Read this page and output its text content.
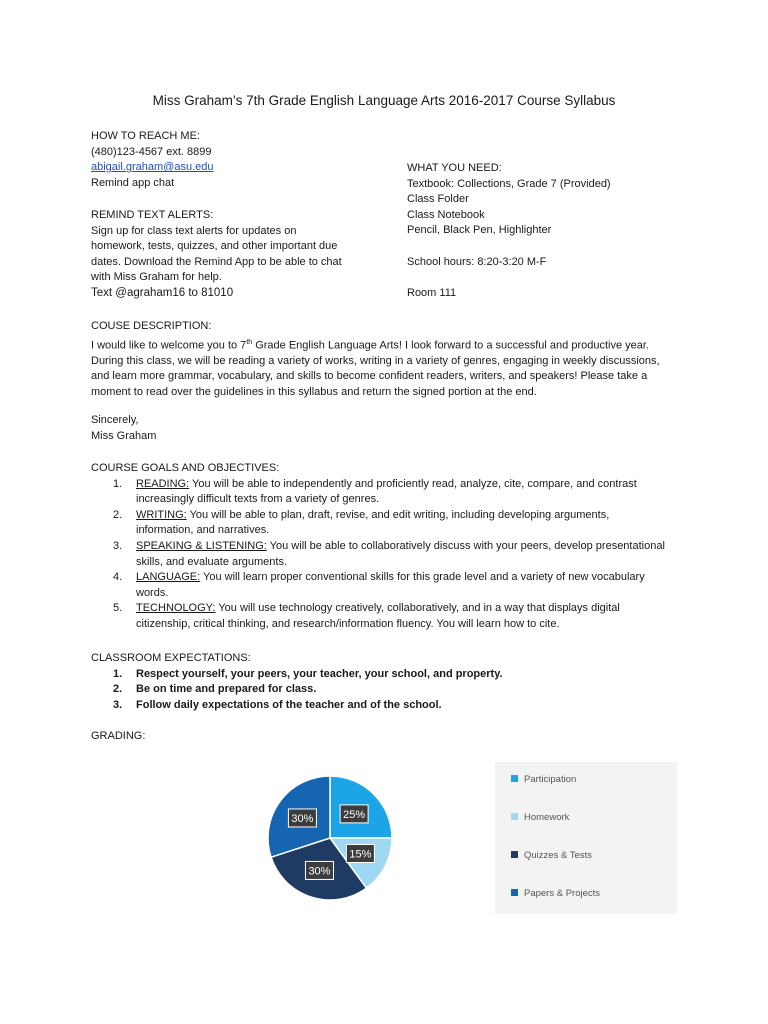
Miss Graham’s 7th Grade English Language Arts 2016-2017 Course Syllabus
HOW TO REACH ME:
(480)123-4567 ext. 8899
abigail.graham@asu.edu
Remind app chat
REMIND TEXT ALERTS:
Sign up for class text alerts for updates on
homework, tests, quizzes, and other important due
dates. Download the Remind App to be able to chat
with Miss Graham for help.
Text @agraham16 to 81010
WHAT YOU NEED:
Textbook: Collections, Grade 7 (Provided)
Class Folder
Class Notebook
Pencil, Black Pen, Highlighter
School hours: 8:20-3:20 M-F
Room 111
COUSE DESCRIPTION:
I would like to welcome you to 7th Grade English Language Arts! I look forward to a successful and productive year.
During this class, we will be reading a variety of works, writing in a variety of genres, engaging in weekly discussions,
and learn more grammar, vocabulary, and skills to become confident readers, writers, and speakers! Please take a
moment to read over the guidelines in this syllabus and return the signed portion at the end.
Sincerely,
Miss Graham
COURSE GOALS AND OBJECTIVES:
1. READING: You will be able to independently and proficiently read, analyze, cite, compare, and contrast
increasingly difficult texts from a variety of genres.
2. WRITING: You will be able to plan, draft, revise, and edit writing, including developing arguments,
information, and narratives.
3. SPEAKING & LISTENING: You will be able to collaboratively discuss with your peers, develop presentational
skills, and evaluate arguments.
4. LANGUAGE: You will learn proper conventional skills for this grade level and a variety of new vocabulary
words.
5. TECHNOLOGY: You will use technology creatively, collaboratively, and in a way that displays digital
citizenship, critical thinking, and research/information fluency. You will learn how to cite.
CLASSROOM EXPECTATIONS:
1. Respect yourself, your peers, your teacher, your school, and property.
2. Be on time and prepared for class.
3. Follow daily expectations of the teacher and of the school.
GRADING:
25%
15%
30%
30%
Participation
Homework
Quizzes & Tests
Papers & Projects
